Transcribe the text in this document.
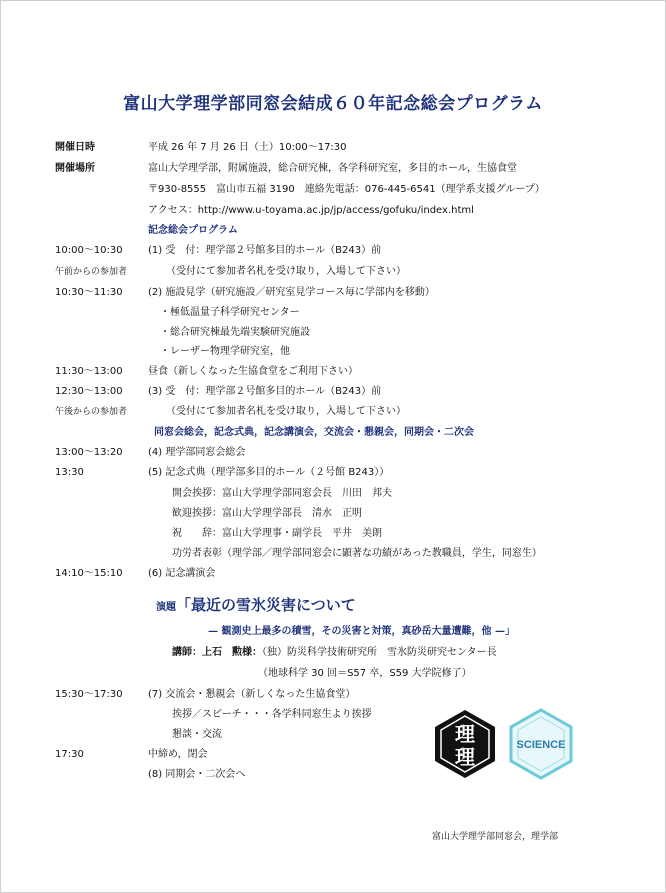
富山大学理学部同窓会結成６０年記念総会プログラム
開催日時	平成 26 年 7 月 26 日（土）10:00～17:30
開催場所	富山大学理学部，附属施設，総合研究棟，各学科研究室，多目的ホール，生協食堂
〒930-8555　富山市五福 3190　連絡先電話：076-445-6541（理学系支援グループ）
アクセス：http://www.u-toyama.ac.jp/jp/access/gofuku/index.html
記念総会プログラム
10:00～10:30	(1) 受　付：理学部２号館多目的ホール（B243）前
午前からの参加者	（受付にて参加者名札を受け取り，入場して下さい）
10:30～11:30	(2) 施設見学（研究施設／研究室見学コース毎に学部内を移動）
・極低温量子科学研究センター
・総合研究棟最先端実験研究施設
・レーザー物理学研究室，他
11:30～13:00	昼食（新しくなった生協食堂をご利用下さい）
12:30～13:00	(3) 受　付：理学部２号館多目的ホール（B243）前
午後からの参加者	（受付にて参加者名札を受け取り，入場して下さい）
同窓会総会，記念式典，記念講演会，交流会・懇親会，同期会・二次会
13:00～13:20	(4) 理学部同窓会総会
13:30	(5) 記念式典（理学部多目的ホール（２号館 B243））
開会挨拶：富山大学理学部同窓会長　川田　邦夫
歓迎挨拶：富山大学理学部長　清水　正明
祝　　辞：富山大学理事・副学長　平井　美朗
功労者表彰（理学部／理学部同窓会に顕著な功績があった教職員，学生，同窓生）
14:10～15:10	(6) 記念講演会
演題「最近の雪氷災害について
— 観測史上最多の積雪，その災害と対策，真砂岳大量遭難，他 —」
講師：上石　勲様：（独）防災科学技術研究所　雪氷防災研究センター長
（地球科学 30 回＝S57 卒，S59 大学院修了）
15:30～17:30	(7) 交流会・懇親会（新しくなった生協食堂）
挨拶／スピーチ・・・各学科同窓生より挨拶
懇談・交流
17:30	中締め，閉会
(8) 同期会・二次会へ
理
理	SCIENCE
富山大学理学部同窓会，理学部
